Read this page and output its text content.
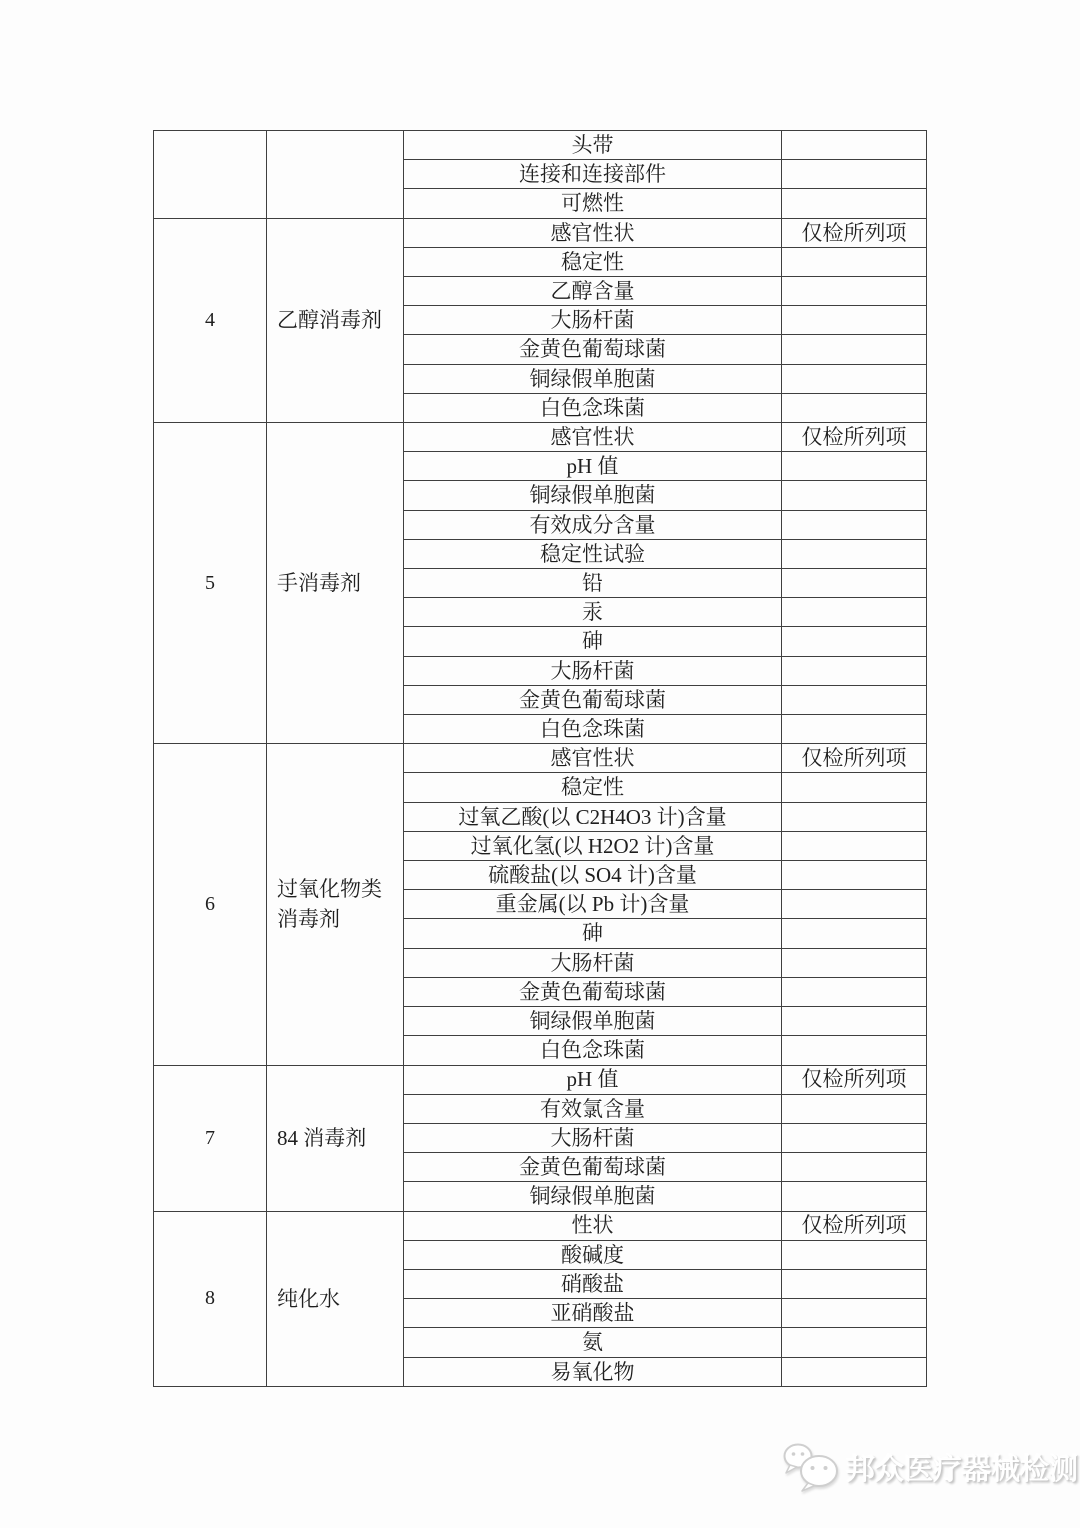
		头带	
		连接和连接部件	
		可燃性	
4	乙醇消毒剂	感官性状	仅检所列项
		稳定性	
		乙醇含量	
		大肠杆菌	
		金黄色葡萄球菌	
		铜绿假单胞菌	
		白色念珠菌	
5	手消毒剂	感官性状	仅检所列项
		pH 值	
		铜绿假单胞菌	
		有效成分含量	
		稳定性试验	
		铅	
		汞	
		砷	
		大肠杆菌	
		金黄色葡萄球菌	
		白色念珠菌	
6	过氧化物类消毒剂	感官性状	仅检所列项
		稳定性	
		过氧乙酸(以 C2H4O3 计)含量	
		过氧化氢(以 H2O2 计)含量	
		硫酸盐(以 SO4 计)含量	
		重金属(以 Pb 计)含量	
		砷	
		大肠杆菌	
		金黄色葡萄球菌	
		铜绿假单胞菌	
		白色念珠菌	
7	84 消毒剂	pH 值	仅检所列项
		有效氯含量	
		大肠杆菌	
		金黄色葡萄球菌	
		铜绿假单胞菌	
8	纯化水	性状	仅检所列项
		酸碱度	
		硝酸盐	
		亚硝酸盐	
		氨	
		易氧化物	
邦众医疗器械检测
